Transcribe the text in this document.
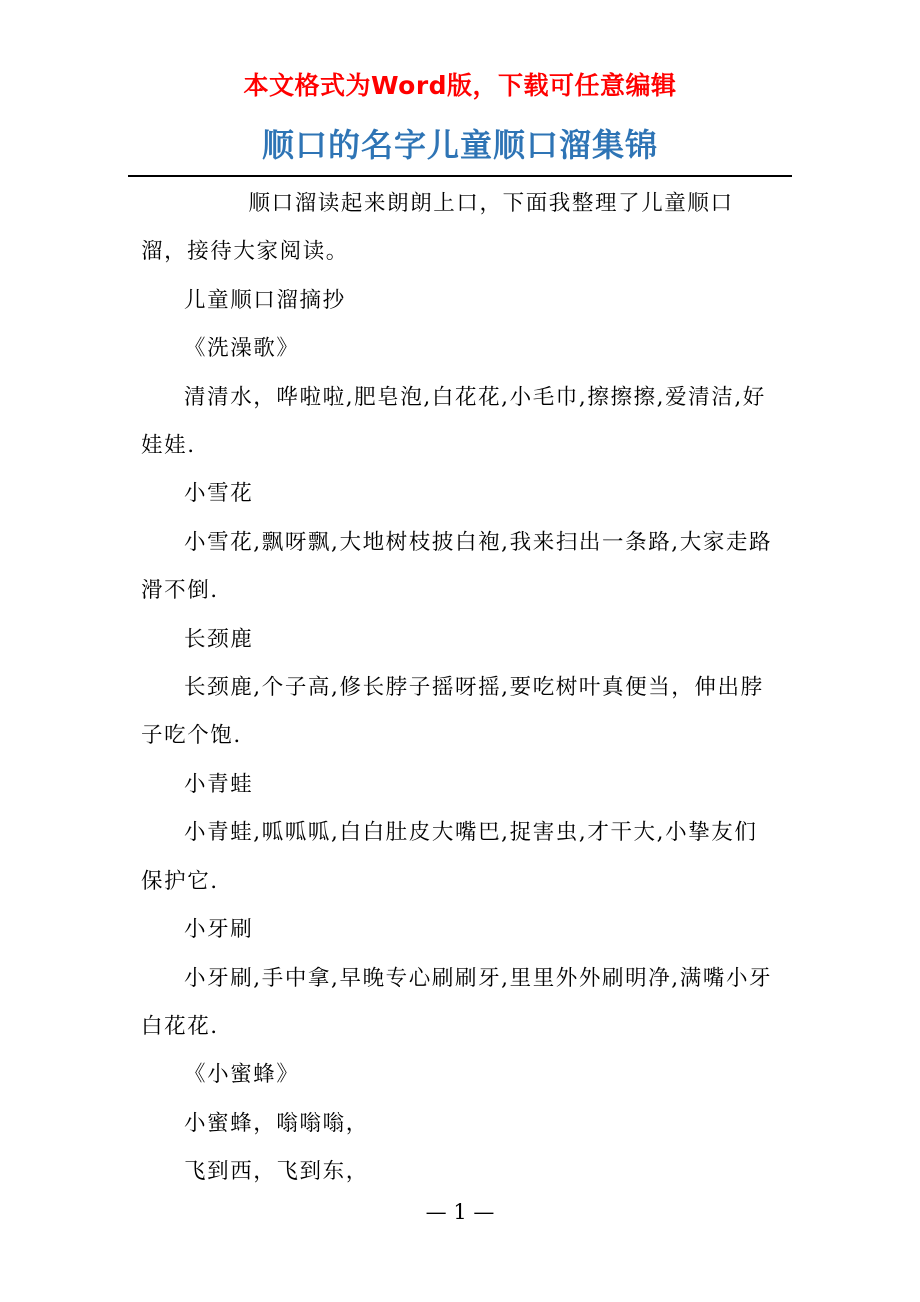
本文格式为Word版，下载可任意编辑
顺口的名字儿童顺口溜集锦

顺口溜读起来朗朗上口，下面我整理了儿童顺口溜，接待大家阅读。

儿童顺口溜摘抄

《洗澡歌》

清清水，哗啦啦,肥皂泡,白花花,小毛巾,擦擦擦,爱清洁,好娃娃.

小雪花

小雪花,飘呀飘,大地树枝披白袍,我来扫出一条路,大家走路滑不倒.

长颈鹿

长颈鹿,个子高,修长脖子摇呀摇,要吃树叶真便当，伸出脖子吃个饱.

小青蛙

小青蛙,呱呱呱,白白肚皮大嘴巴,捉害虫,才干大,小挚友们保护它.

小牙刷

小牙刷,手中拿,早晚专心刷刷牙,里里外外刷明净,满嘴小牙白花花.

《小蜜蜂》

小蜜蜂，嗡嗡嗡，

飞到西，飞到东，

— 1 —
